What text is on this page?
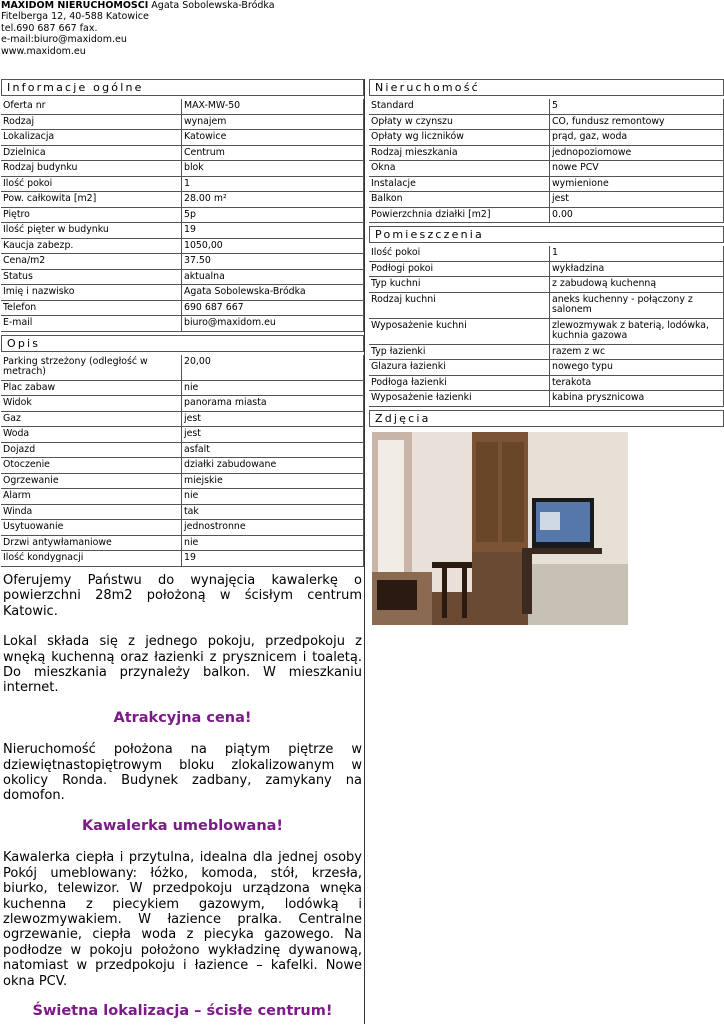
MAXIDOM NIERUCHOMOŚCI Agata Sobolewska-Bródka
Fitelberga 12, 40-588 Katowice
tel.690 687 667 fax.
e-mail:biuro@maxidom.eu
www.maxidom.eu
Informacje ogólne
Oferta nr	MAX-MW-50
Rodzaj	wynajem
Lokalizacja	Katowice
Dzielnica	Centrum
Rodzaj budynku	blok
Ilość pokoi	1
Pow. całkowita [m2]	28.00 m²
Piętro	5p
Ilość pięter w budynku	19
Kaucja zabezp.	1050,00
Cena/m2	37.50
Status	aktualna
Imię i nazwisko	Agata Sobolewska-Bródka
Telefon	690 687 667
E-mail	biuro@maxidom.eu
Opis
Parking strzeżony (odległość w metrach)	20,00
Plac zabaw	nie
Widok	panorama miasta
Gaz	jest
Woda	jest
Dojazd	asfalt
Otoczenie	działki zabudowane
Ogrzewanie	miejskie
Alarm	nie
Winda	tak
Usytuowanie	jednostronne
Drzwi antywłamaniowe	nie
Ilość kondygnacji	19

Oferujemy Państwu do wynajęcia kawalerkę o powierzchni 28m2 położoną w ścisłym centrum Katowic.

Lokal składa się z jednego pokoju, przedpokoju z wnęką kuchenną oraz łazienki z prysznicem i toaletą. Do mieszkania przynależy balkon. W mieszkaniu internet.

Atrakcyjna cena!

Nieruchomość położona na piątym piętrze w dziewiętnastopiętrowym bloku zlokalizowanym w okolicy Ronda. Budynek zadbany, zamykany na domofon.

Kawalerka umeblowana!

Kawalerka ciepła i przytulna, idealna dla jednej osoby Pokój umeblowany: łóżko, komoda, stół, krzesła, biurko, telewizor. W przedpokoju urządzona wnęka kuchenna z piecykiem gazowym, lodówką i zlewozmywakiem. W łazience pralka. Centralne ogrzewanie, ciepła woda z piecyka gazowego. Na podłodze w pokoju położono wykładzinę dywanową, natomiast w przedpokoju i łazience – kafelki. Nowe okna PCV.

Świetna lokalizacja – ścisłe centrum!
Nieruchomość
Standard	5
Opłaty w czynszu	CO, fundusz remontowy
Opłaty wg liczników	prąd, gaz, woda
Rodzaj mieszkania	jednopoziomowe
Okna	nowe PCV
Instalacje	wymienione
Balkon	jest
Powierzchnia działki [m2]	0.00
Pomieszczenia
Ilość pokoi	1
Podłogi pokoi	wykładzina
Typ kuchni	z zabudową kuchenną
Rodzaj kuchni	aneks kuchenny - połączony z salonem
Wyposażenie kuchni	zlewozmywak z baterią, lodówka, kuchnia gazowa
Typ łazienki	razem z wc
Glazura łazienki	nowego typu
Podłoga łazienki	terakota
Wyposażenie łazienki	kabina prysznicowa
Zdjęcia
